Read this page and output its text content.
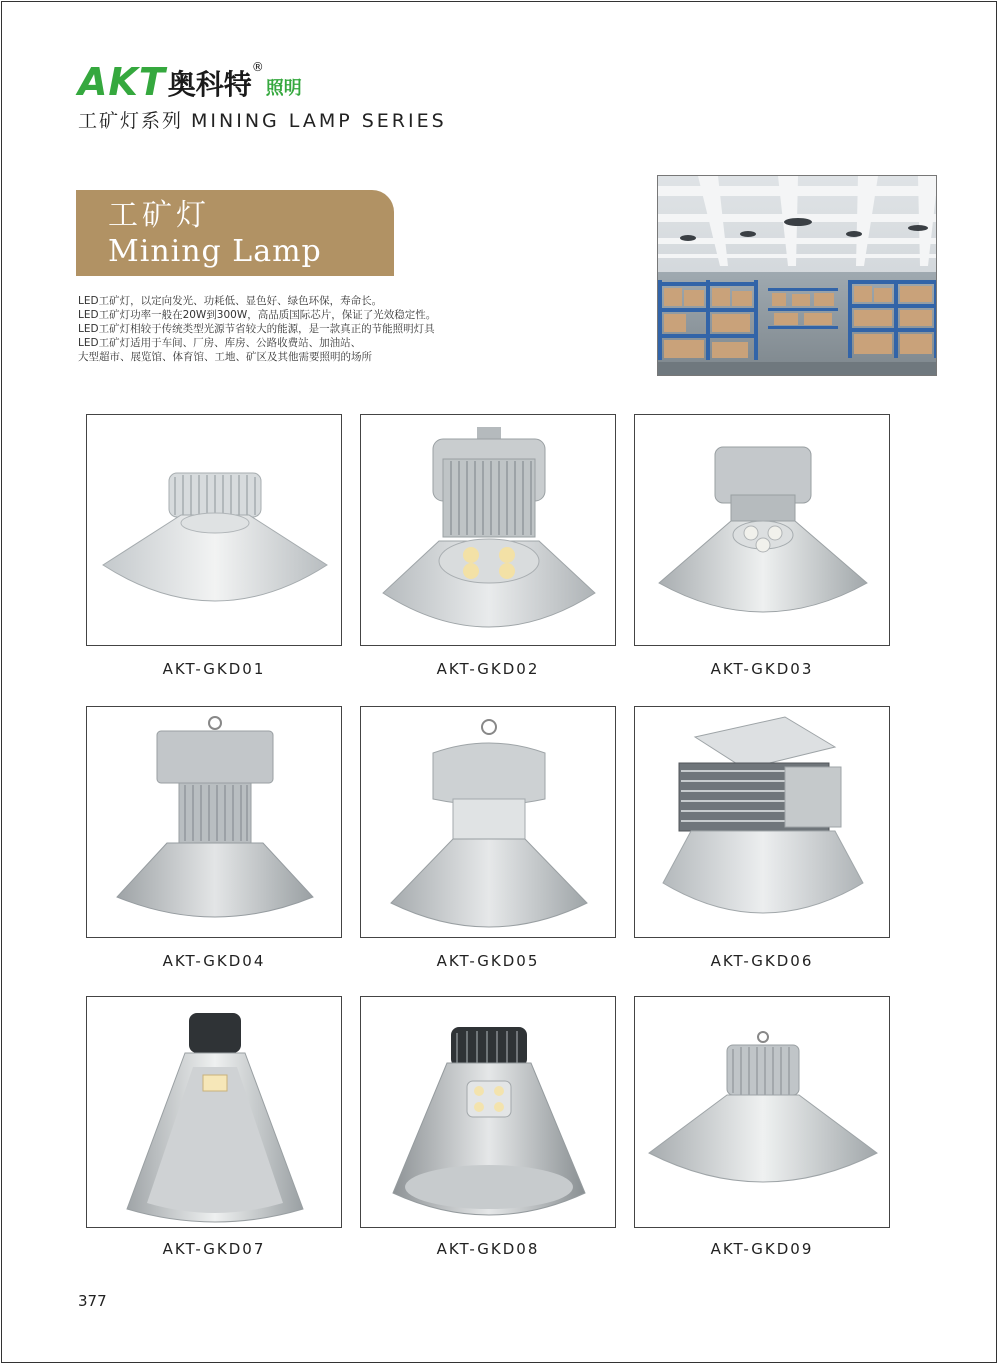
AKT 奥科特
®
照明
工矿灯系列 MINING LAMP SERIES
工矿灯
Mining Lamp
LED工矿灯，以定向发光、功耗低、显色好、绿色环保，寿命长。
LED工矿灯功率一般在20W到300W，高品质国际芯片，保证了光效稳定性。
LED工矿灯相较于传统类型光源节省较大的能源，是一款真正的节能照明灯具
LED工矿灯适用于车间、厂房、库房、公路收费站、加油站、
大型超市、展览馆、体育馆、工地、矿区及其他需要照明的场所
AKT-GKD01	AKT-GKD02	AKT-GKD03
AKT-GKD04	AKT-GKD05	AKT-GKD06
AKT-GKD07	AKT-GKD08	AKT-GKD09
377
